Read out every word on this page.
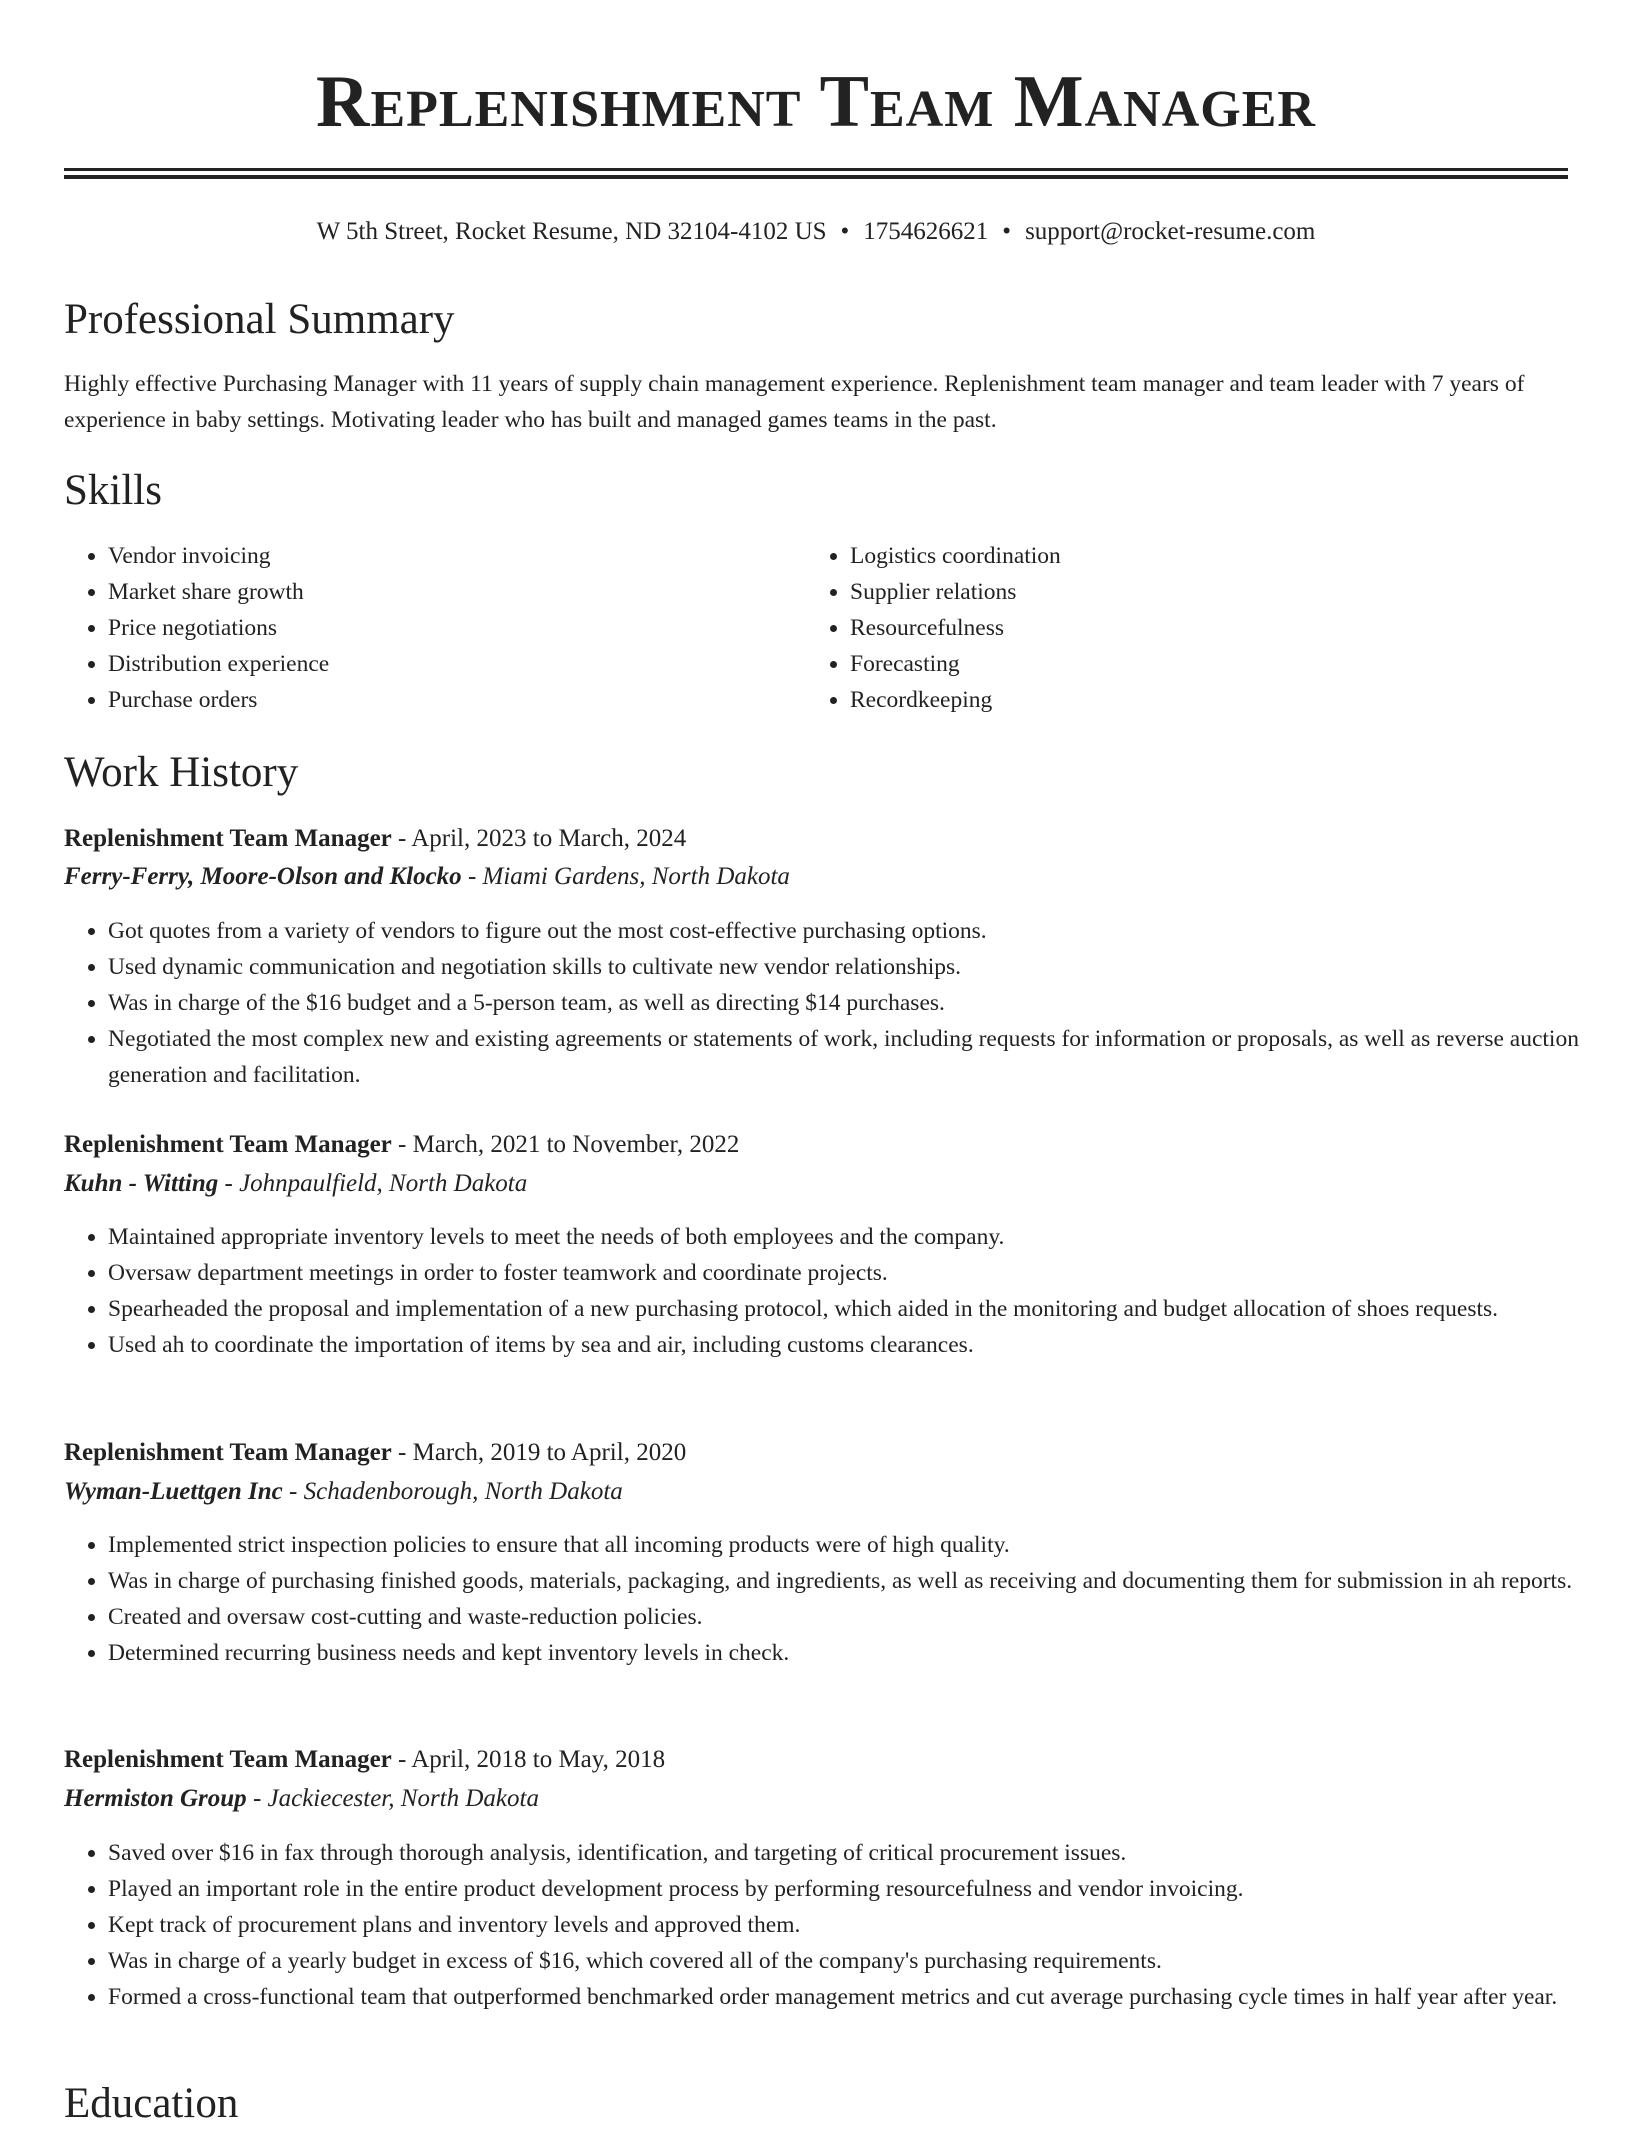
Replenishment Team Manager
W 5th Street, Rocket Resume, ND 32104-4102 US • 1754626621 • support@rocket-resume.com
Professional Summary

Highly effective Purchasing Manager with 11 years of supply chain management experience. Replenishment team manager and team leader with 7 years of experience in baby settings. Motivating leader who has built and managed games teams in the past.

Skills
• Vendor invoicing
• Market share growth
• Price negotiations
• Distribution experience
• Purchase orders
• Logistics coordination
• Supplier relations
• Resourcefulness
• Forecasting
• Recordkeeping
Work History
Replenishment Team Manager - April, 2023 to March, 2024
Ferry-Ferry, Moore-Olson and Klocko - Miami Gardens, North Dakota
• Got quotes from a variety of vendors to figure out the most cost-effective purchasing options.
• Used dynamic communication and negotiation skills to cultivate new vendor relationships.
• Was in charge of the $16 budget and a 5-person team, as well as directing $14 purchases.
• Negotiated the most complex new and existing agreements or statements of work, including requests for information or proposals, as well as reverse auction generation and facilitation.
Replenishment Team Manager - March, 2021 to November, 2022
Kuhn - Witting - Johnpaulfield, North Dakota
• Maintained appropriate inventory levels to meet the needs of both employees and the company.
• Oversaw department meetings in order to foster teamwork and coordinate projects.
• Spearheaded the proposal and implementation of a new purchasing protocol, which aided in the monitoring and budget allocation of shoes requests.
• Used ah to coordinate the importation of items by sea and air, including customs clearances.
Replenishment Team Manager - March, 2019 to April, 2020
Wyman-Luettgen Inc - Schadenborough, North Dakota
• Implemented strict inspection policies to ensure that all incoming products were of high quality.
• Was in charge of purchasing finished goods, materials, packaging, and ingredients, as well as receiving and documenting them for submission in ah reports.
• Created and oversaw cost-cutting and waste-reduction policies.
• Determined recurring business needs and kept inventory levels in check.
Replenishment Team Manager - April, 2018 to May, 2018
Hermiston Group - Jackiecester, North Dakota
• Saved over $16 in fax through thorough analysis, identification, and targeting of critical procurement issues.
• Played an important role in the entire product development process by performing resourcefulness and vendor invoicing.
• Kept track of procurement plans and inventory levels and approved them.
• Was in charge of a yearly budget in excess of $16, which covered all of the company's purchasing requirements.
• Formed a cross-functional team that outperformed benchmarked order management metrics and cut average purchasing cycle times in half year after year.
Education
